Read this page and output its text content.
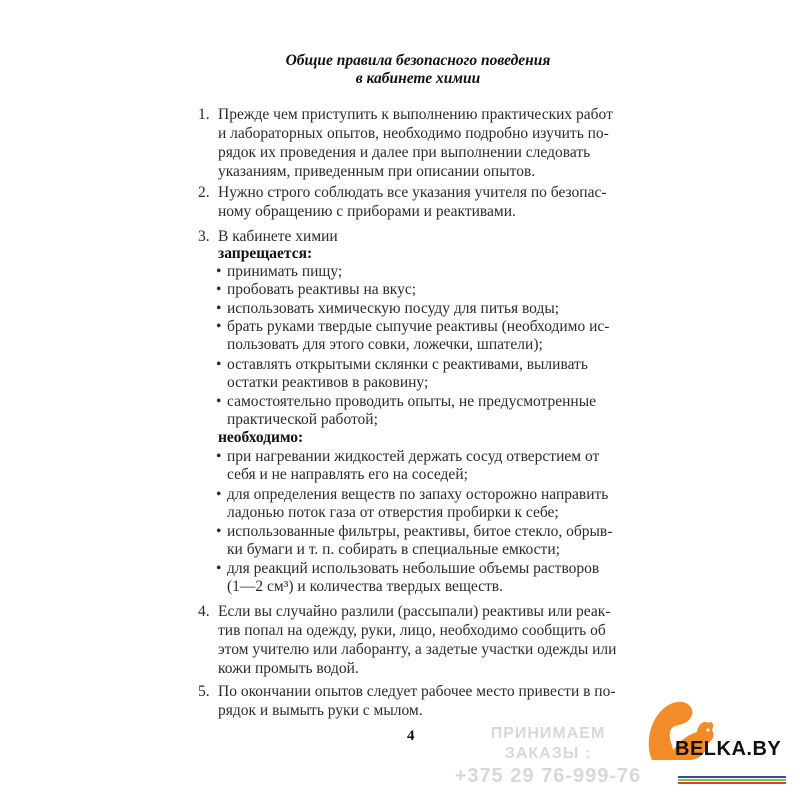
Общие правила безопасного поведения
в кабинете химии
1. Прежде чем приступить к выполнению практических работ
и лабораторных опытов, необходимо подробно изучить по-
рядок их проведения и далее при выполнении следовать
указаниям, приведенным при описании опытов.
2. Нужно строго соблюдать все указания учителя по безопас-
ному обращению с приборами и реактивами.
3. В кабинете химии
запрещается:
• принимать пищу;
• пробовать реактивы на вкус;
• использовать химическую посуду для питья воды;
• брать руками твердые сыпучие реактивы (необходимо ис-
пользовать для этого совки, ложечки, шпатели);
• оставлять открытыми склянки с реактивами, выливать
остатки реактивов в раковину;
• самостоятельно проводить опыты, не предусмотренные
практической работой;
необходимо:
• при нагревании жидкостей держать сосуд отверстием от
себя и не направлять его на соседей;
• для определения веществ по запаху осторожно направить
ладонью поток газа от отверстия пробирки к себе;
• использованные фильтры, реактивы, битое стекло, обрыв-
ки бумаги и т. п. собирать в специальные емкости;
• для реакций использовать небольшие объемы растворов
(1—2 см³) и количества твердых веществ.
4. Если вы случайно разлили (рассыпали) реактивы или реак-
тив попал на одежду, руки, лицо, необходимо сообщить об
этом учителю или лаборанту, а задетые участки одежды или
кожи промыть водой.
5. По окончании опытов следует рабочее место привести в по-
рядок и вымыть руки с мылом.
4	ПРИНИМАЕМ ЗАКАЗЫ :
+375 29 76-999-76
BELKA.BY
